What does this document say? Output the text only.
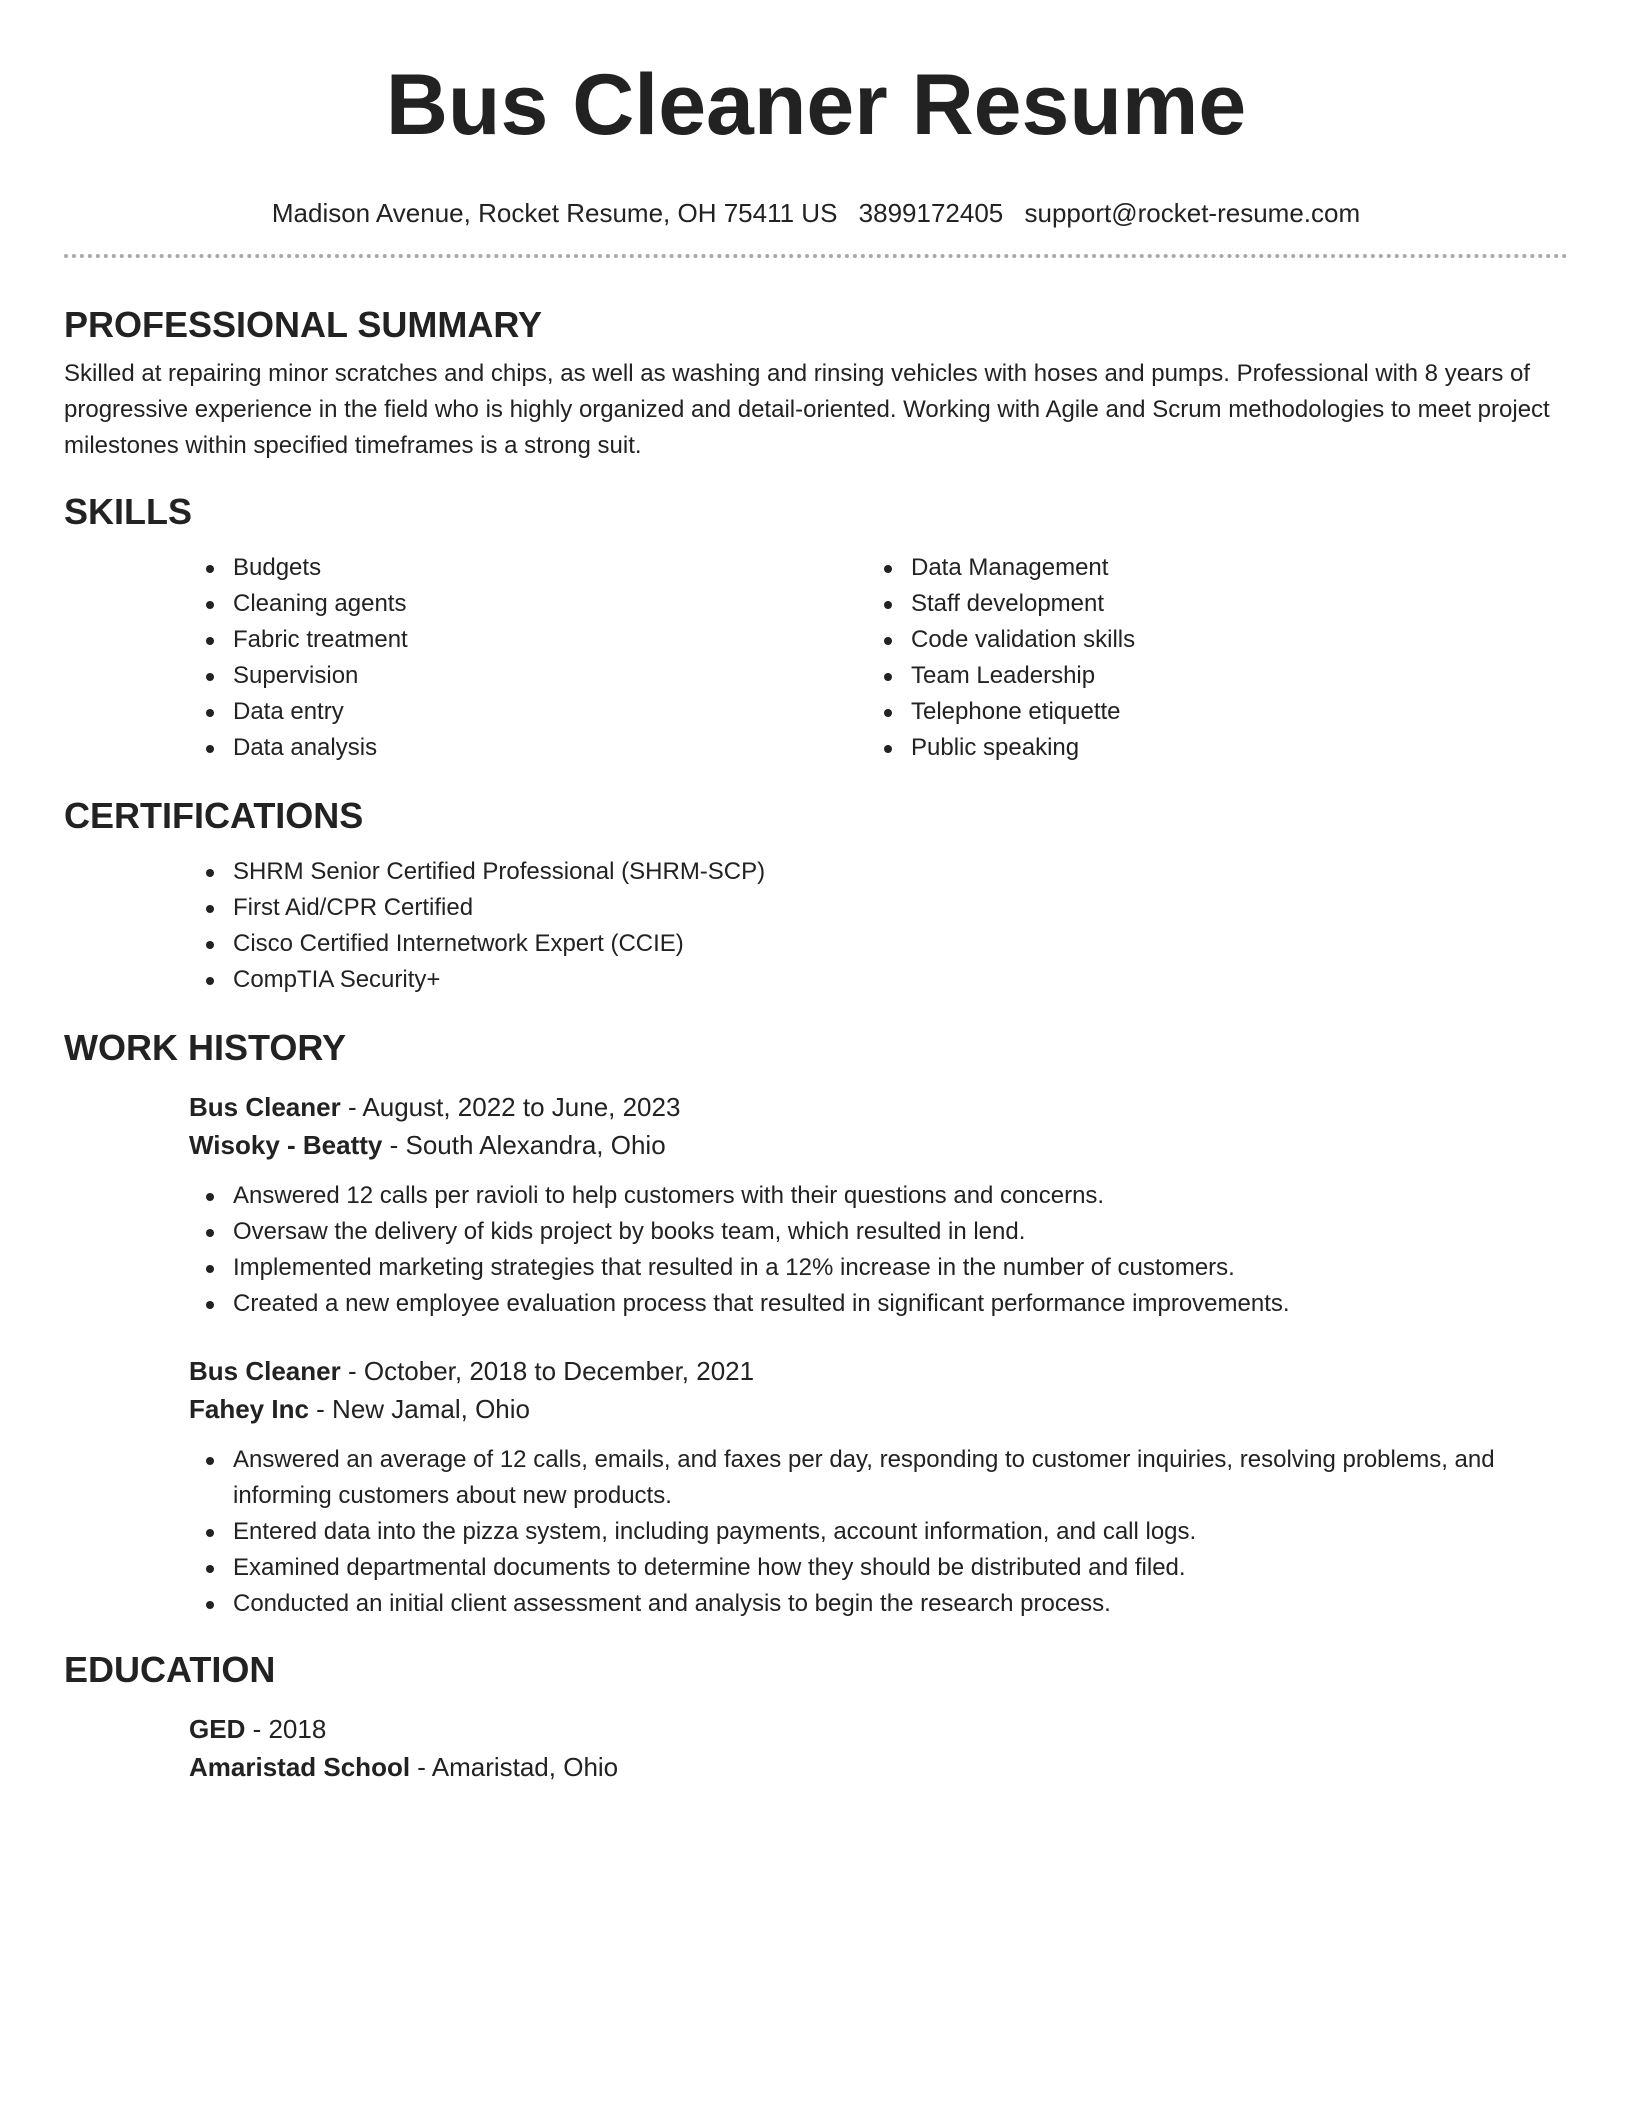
Bus Cleaner Resume
Madison Avenue, Rocket Resume, OH 75411 US 3899172405 support@rocket-resume.com
PROFESSIONAL SUMMARY

Skilled at repairing minor scratches and chips, as well as washing and rinsing vehicles with hoses and pumps. Professional with 8 years of progressive experience in the field who is highly organized and detail-oriented. Working with Agile and Scrum methodologies to meet project milestones within specified timeframes is a strong suit.

SKILLS
Budgets
Cleaning agents
Fabric treatment
Supervision
Data entry
Data analysis
Data Management
Staff development
Code validation skills
Team Leadership
Telephone etiquette
Public speaking
CERTIFICATIONS
SHRM Senior Certified Professional (SHRM-SCP)
First Aid/CPR Certified
Cisco Certified Internetwork Expert (CCIE)
CompTIA Security+
WORK HISTORY
Bus Cleaner - August, 2022 to June, 2023
Wisoky - Beatty - South Alexandra, Ohio
Answered 12 calls per ravioli to help customers with their questions and concerns.
Oversaw the delivery of kids project by books team, which resulted in lend.
Implemented marketing strategies that resulted in a 12% increase in the number of customers.
Created a new employee evaluation process that resulted in significant performance improvements.
Bus Cleaner - October, 2018 to December, 2021
Fahey Inc - New Jamal, Ohio
Answered an average of 12 calls, emails, and faxes per day, responding to customer inquiries, resolving problems, and informing customers about new products.
Entered data into the pizza system, including payments, account information, and call logs.
Examined departmental documents to determine how they should be distributed and filed.
Conducted an initial client assessment and analysis to begin the research process.
EDUCATION
GED - 2018
Amaristad School - Amaristad, Ohio
